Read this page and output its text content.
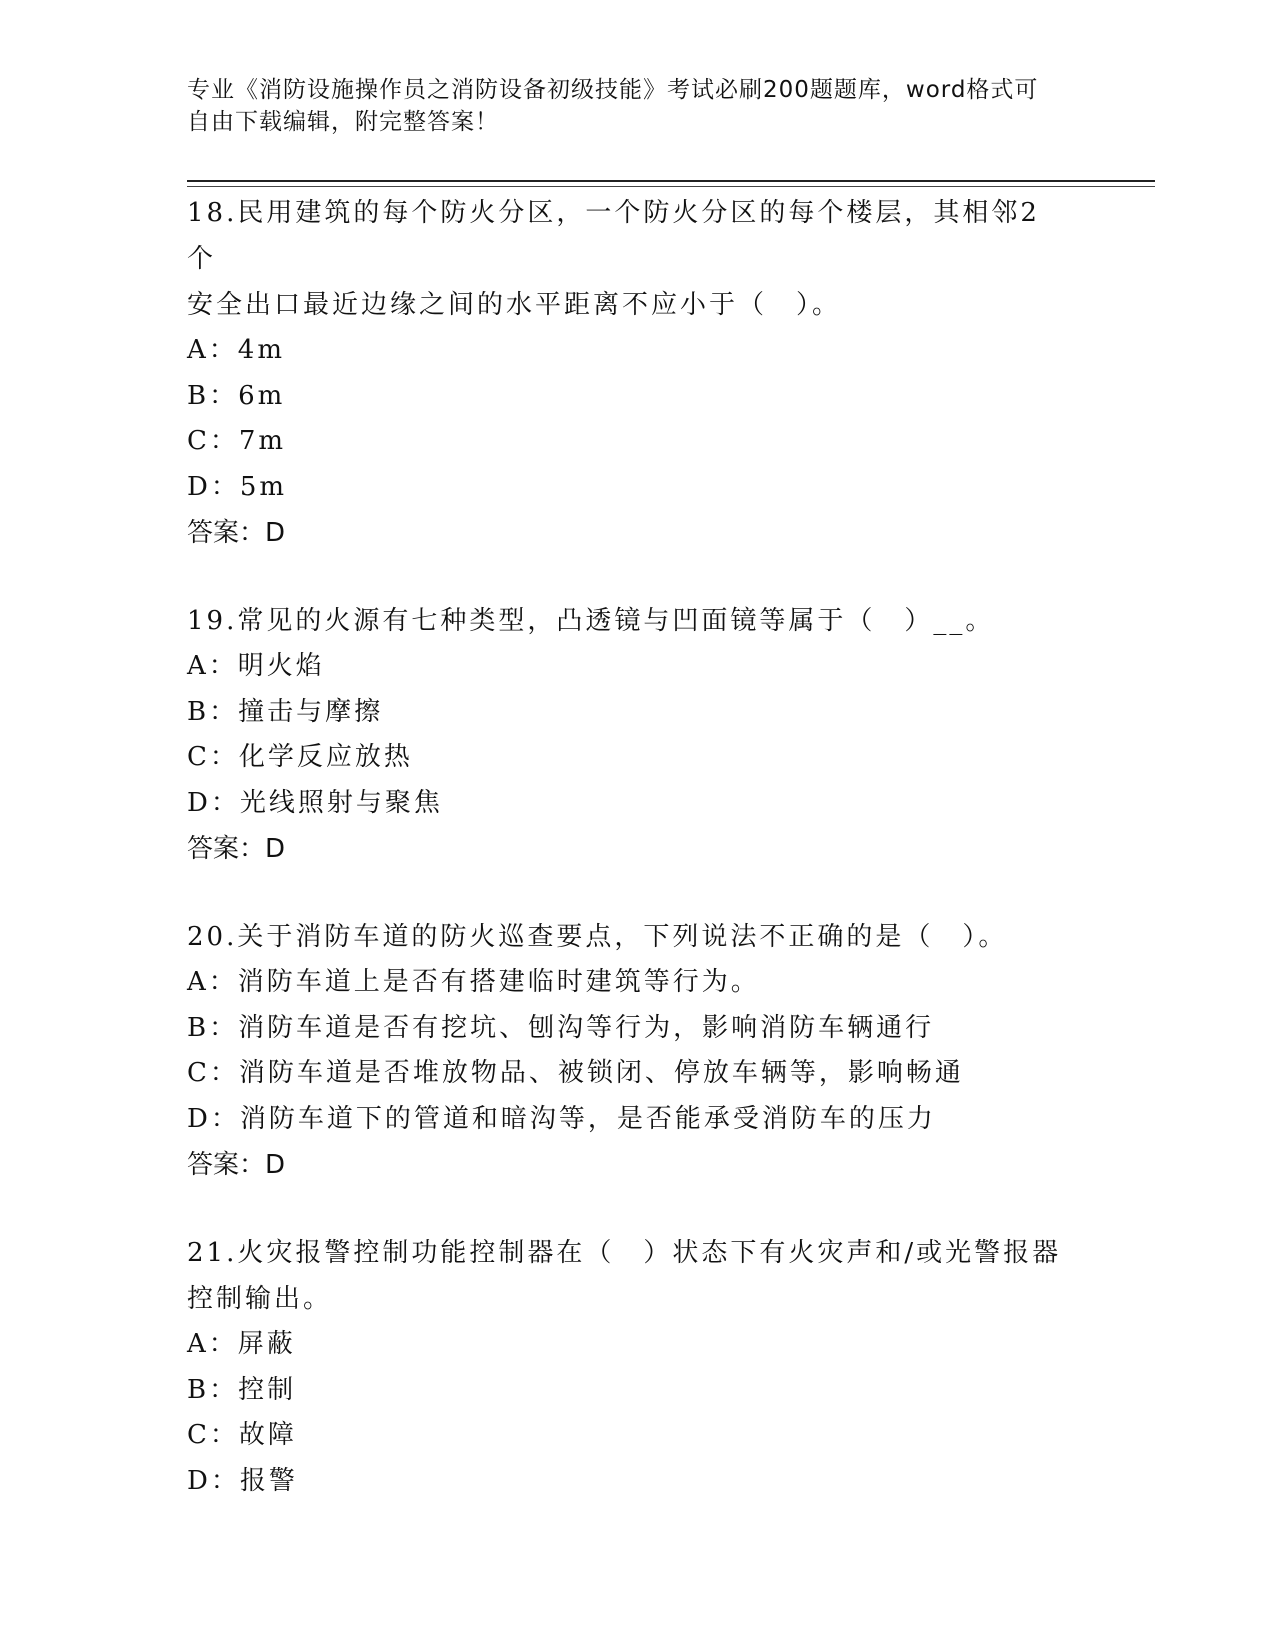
专业《消防设施操作员之消防设备初级技能》考试必刷200题题库，word格式可
自由下载编辑，附完整答案！

18.民用建筑的每个防火分区，一个防火分区的每个楼层，其相邻2个

安全出口最近边缘之间的水平距离不应小于（　）。

A：4m

B：6m

C：7m

D：5m

答案：D

19.常见的火源有七种类型，凸透镜与凹面镜等属于（　）__。

A：明火焰

B：撞击与摩擦

C：化学反应放热

D：光线照射与聚焦

答案：D

20.关于消防车道的防火巡查要点，下列说法不正确的是（　）。

A：消防车道上是否有搭建临时建筑等行为。

B：消防车道是否有挖坑、刨沟等行为，影响消防车辆通行

C：消防车道是否堆放物品、被锁闭、停放车辆等，影响畅通

D：消防车道下的管道和暗沟等，是否能承受消防车的压力

答案：D

21.火灾报警控制功能控制器在（　）状态下有火灾声和/或光警报器

控制输出。

A：屏蔽

B：控制

C：故障

D：报警
